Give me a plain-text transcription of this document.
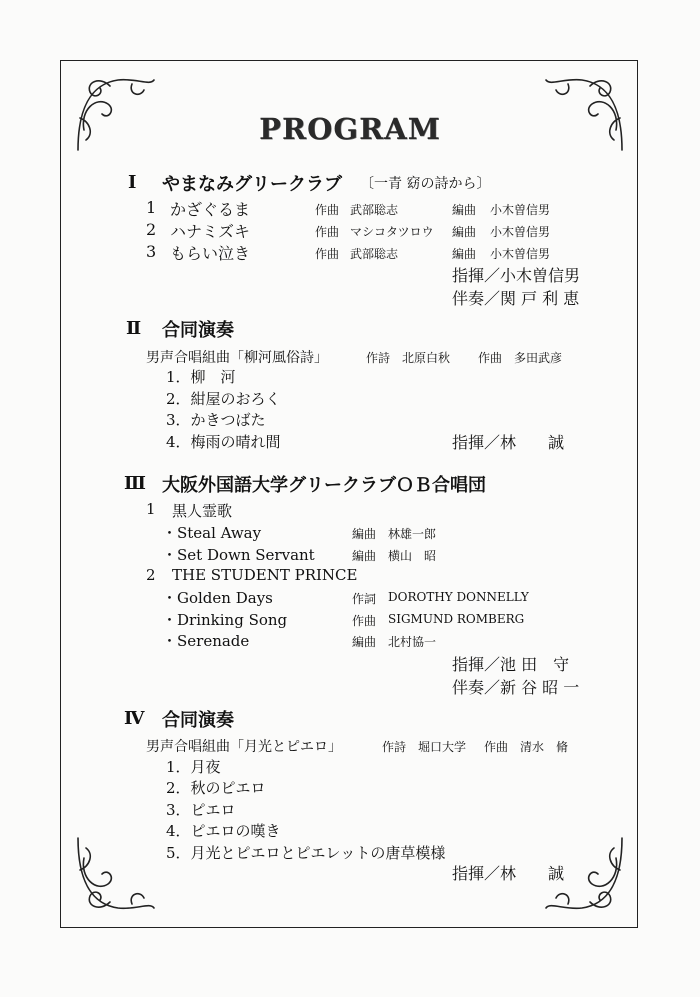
PROGRAM
I やまなみグリークラブ 〔一青 窈の詩から〕
1 かざぐるま	作曲 武部聡志	編曲 小木曽信男
2 ハナミズキ	作曲 マシコタツロウ 編曲 小木曽信男
3 もらい泣き	作曲 武部聡志	編曲 小木曽信男
指揮／小木曽信男
伴奏／関 戸 利 恵
Ⅱ 合同演奏
男声合唱組曲「柳河風俗詩」	作詩 北原白秋 作曲 多田武彦
1．柳　河
2．紺屋のおろく
3．かきつばた
4．梅雨の晴れ間	指揮／林　　誠
Ⅲ 大阪外国語大学グリークラブＯＢ合唱団
1 黒人霊歌
・Steal Away	編曲 林雄一郎
・Set Down Servant	編曲 横山　昭
2 THE STUDENT PRINCE
・Golden Days	作詞 DOROTHY DONNELLY
・Drinking Song	作曲 SIGMUND ROMBERG
・Serenade	編曲 北村協一
指揮／池 田　守
伴奏／新 谷 昭 一
Ⅳ 合同演奏
男声合唱組曲「月光とピエロ」	作詩 堀口大学 作曲 清水　脩
1．月夜
2．秋のピエロ
3．ピエロ
4．ピエロの嘆き
5．月光とピエロとピエレットの唐草模様
指揮／林　　誠
